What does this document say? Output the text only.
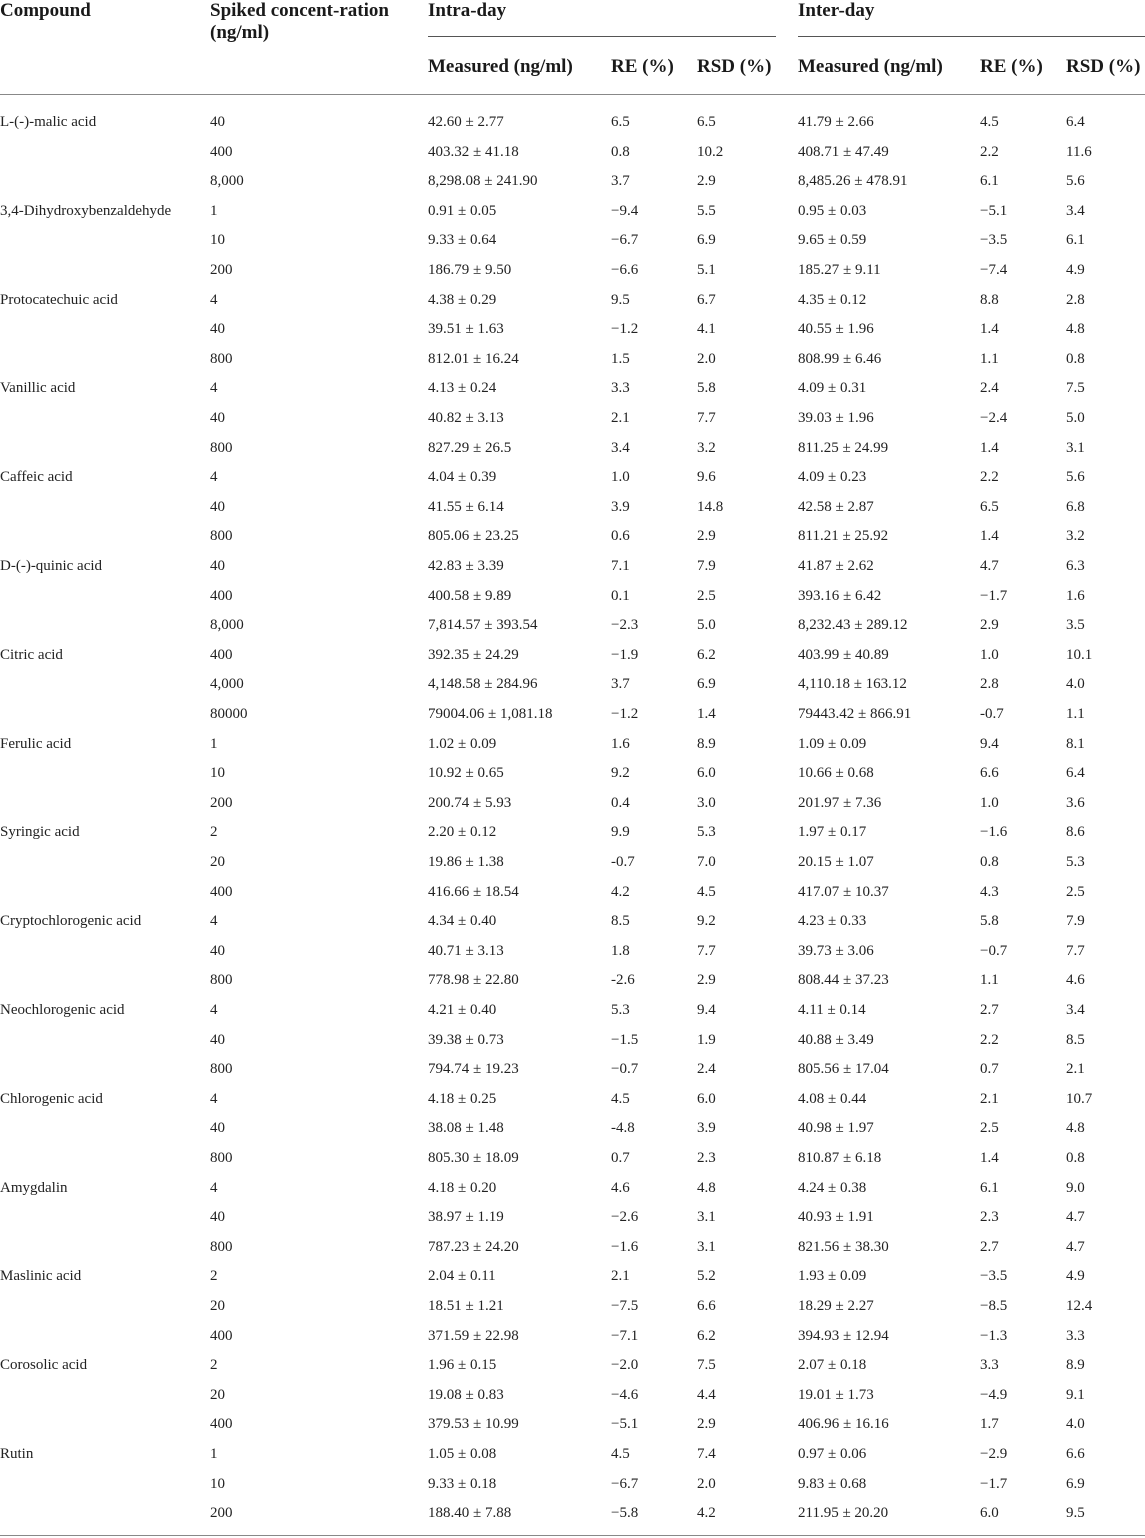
Compound	Spiked concent-ration (ng/ml)
Intra-day	Inter-day
Measured (ng/ml) RE (%) RSD (%) Measured (ng/ml) RE (%) RSD (%)
L-(-)-malic acid	40	42.60 ± 2.77	6.5	6.5	41.79 ± 2.66	4.5	6.4
400	403.32 ± 41.18	0.8	10.2	408.71 ± 47.49	2.2	11.6
8,000	8,298.08 ± 241.90	3.7	2.9	8,485.26 ± 478.91	6.1	5.6
3,4-Dihydroxybenzaldehyde	1	0.91 ± 0.05	−9.4	5.5	0.95 ± 0.03	−5.1	3.4
10	9.33 ± 0.64	−6.7	6.9	9.65 ± 0.59	−3.5	6.1
200	186.79 ± 9.50	−6.6	5.1	185.27 ± 9.11	−7.4	4.9
Protocatechuic acid	4	4.38 ± 0.29	9.5	6.7	4.35 ± 0.12	8.8	2.8
40	39.51 ± 1.63	−1.2	4.1	40.55 ± 1.96	1.4	4.8
800	812.01 ± 16.24	1.5	2.0	808.99 ± 6.46	1.1	0.8
Vanillic acid	4	4.13 ± 0.24	3.3	5.8	4.09 ± 0.31	2.4	7.5
40	40.82 ± 3.13	2.1	7.7	39.03 ± 1.96	−2.4	5.0
800	827.29 ± 26.5	3.4	3.2	811.25 ± 24.99	1.4	3.1
Caffeic acid	4	4.04 ± 0.39	1.0	9.6	4.09 ± 0.23	2.2	5.6
40	41.55 ± 6.14	3.9	14.8	42.58 ± 2.87	6.5	6.8
800	805.06 ± 23.25	0.6	2.9	811.21 ± 25.92	1.4	3.2
D-(-)-quinic acid	40	42.83 ± 3.39	7.1	7.9	41.87 ± 2.62	4.7	6.3
400	400.58 ± 9.89	0.1	2.5	393.16 ± 6.42	−1.7	1.6
8,000	7,814.57 ± 393.54	−2.3	5.0	8,232.43 ± 289.12	2.9	3.5
Citric acid	400	392.35 ± 24.29	−1.9	6.2	403.99 ± 40.89	1.0	10.1
4,000	4,148.58 ± 284.96	3.7	6.9	4,110.18 ± 163.12	2.8	4.0
80000	79004.06 ± 1,081.18	−1.2	1.4	79443.42 ± 866.91	-0.7	1.1
Ferulic acid	1	1.02 ± 0.09	1.6	8.9	1.09 ± 0.09	9.4	8.1
10	10.92 ± 0.65	9.2	6.0	10.66 ± 0.68	6.6	6.4
200	200.74 ± 5.93	0.4	3.0	201.97 ± 7.36	1.0	3.6
Syringic acid	2	2.20 ± 0.12	9.9	5.3	1.97 ± 0.17	−1.6	8.6
20	19.86 ± 1.38	-0.7	7.0	20.15 ± 1.07	0.8	5.3
400	416.66 ± 18.54	4.2	4.5	417.07 ± 10.37	4.3	2.5
Cryptochlorogenic acid	4	4.34 ± 0.40	8.5	9.2	4.23 ± 0.33	5.8	7.9
40	40.71 ± 3.13	1.8	7.7	39.73 ± 3.06	−0.7	7.7
800	778.98 ± 22.80	-2.6	2.9	808.44 ± 37.23	1.1	4.6
Neochlorogenic acid	4	4.21 ± 0.40	5.3	9.4	4.11 ± 0.14	2.7	3.4
40	39.38 ± 0.73	−1.5	1.9	40.88 ± 3.49	2.2	8.5
800	794.74 ± 19.23	−0.7	2.4	805.56 ± 17.04	0.7	2.1
Chlorogenic acid	4	4.18 ± 0.25	4.5	6.0	4.08 ± 0.44	2.1	10.7
40	38.08 ± 1.48	-4.8	3.9	40.98 ± 1.97	2.5	4.8
800	805.30 ± 18.09	0.7	2.3	810.87 ± 6.18	1.4	0.8
Amygdalin	4	4.18 ± 0.20	4.6	4.8	4.24 ± 0.38	6.1	9.0
40	38.97 ± 1.19	−2.6	3.1	40.93 ± 1.91	2.3	4.7
800	787.23 ± 24.20	−1.6	3.1	821.56 ± 38.30	2.7	4.7
Maslinic acid	2	2.04 ± 0.11	2.1	5.2	1.93 ± 0.09	−3.5	4.9
20	18.51 ± 1.21	−7.5	6.6	18.29 ± 2.27	−8.5	12.4
400	371.59 ± 22.98	−7.1	6.2	394.93 ± 12.94	−1.3	3.3
Corosolic acid	2	1.96 ± 0.15	−2.0	7.5	2.07 ± 0.18	3.3	8.9
20	19.08 ± 0.83	−4.6	4.4	19.01 ± 1.73	−4.9	9.1
400	379.53 ± 10.99	−5.1	2.9	406.96 ± 16.16	1.7	4.0
Rutin	1	1.05 ± 0.08	4.5	7.4	0.97 ± 0.06	−2.9	6.6
10	9.33 ± 0.18	−6.7	2.0	9.83 ± 0.68	−1.7	6.9
200	188.40 ± 7.88	−5.8	4.2	211.95 ± 20.20	6.0	9.5
